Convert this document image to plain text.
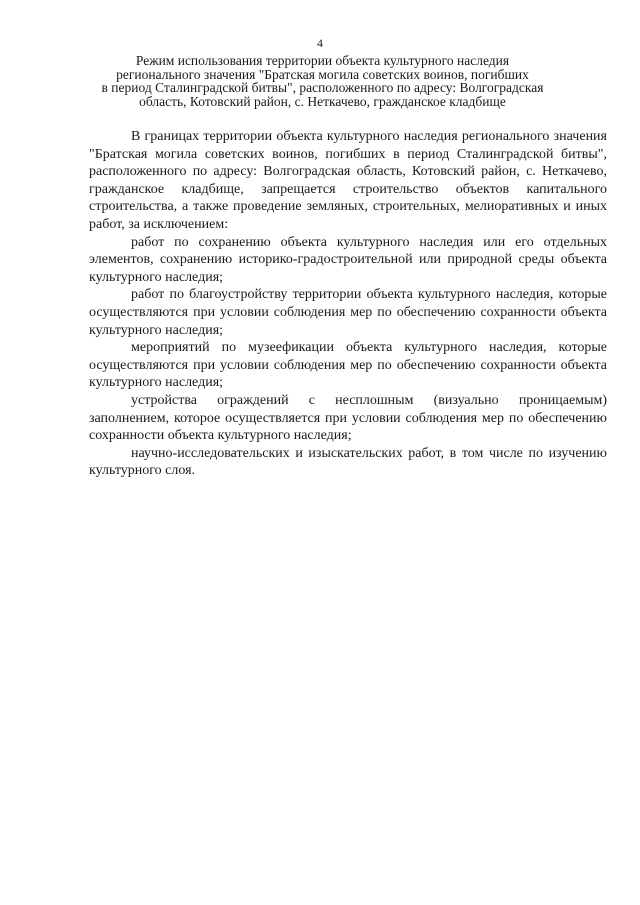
4
Режим использования территории объекта культурного наследия
регионального значения "Братская могила советских воинов, погибших
в период Сталинградской битвы", расположенного по адресу: Волгоградская
область, Котовский район, с. Неткачево, гражданское кладбище

В границах территории объекта культурного наследия регионального значения "Братская могила советских воинов, погибших в период Сталинградской битвы", расположенного по адресу: Волгоградская область, Котовский район, с. Неткачево, гражданское кладбище, запрещается строительство объектов капитального строительства, а также проведение земляных, строительных, мелиоративных и иных работ, за исключением:

работ по сохранению объекта культурного наследия или его отдельных элементов, сохранению историко-градостроительной или природной среды объекта культурного наследия;

работ по благоустройству территории объекта культурного наследия, которые осуществляются при условии соблюдения мер по обеспечению сохранности объекта культурного наследия;

мероприятий по музеефикации объекта культурного наследия, которые осуществляются при условии соблюдения мер по обеспечению сохранности объекта культурного наследия;

устройства ограждений с несплошным (визуально проницаемым) заполнением, которое осуществляется при условии соблюдения мер по обеспечению сохранности объекта культурного наследия;

научно-исследовательских и изыскательских работ, в том числе по изучению культурного слоя.
